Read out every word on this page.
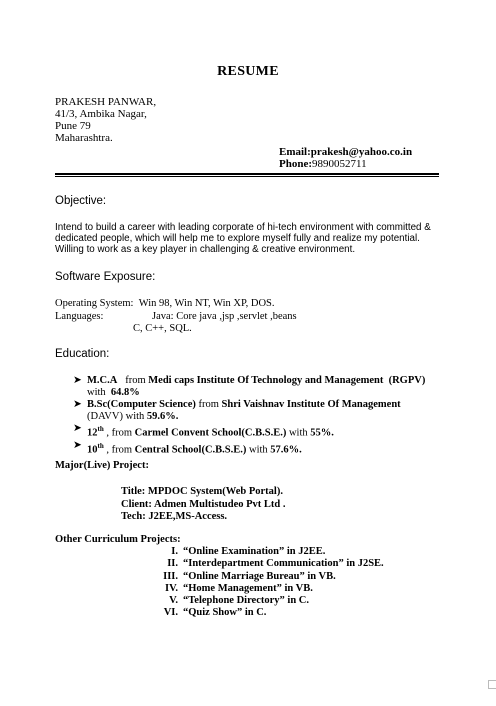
RESUME
PRAKESH PANWAR,
41/3, Ambika Nagar,
Pune 79
Maharashtra.
Email:prakesh@yahoo.co.in
Phone:9890052711
Objective:
Intend to build a career with leading corporate of hi-tech environment with committed & dedicated people, which will help me to explore myself fully and realize my potential. Willing to work as a key player in challenging & creative environment.
Software Exposure:
Operating System: Win 98, Win NT, Win XP, DOS.
Languages:	Java: Core java ,jsp ,servlet ,beans
C, C++, SQL.
Education:
➤ M.C.A   from Medi caps Institute Of Technology and Management  (RGPV)
with  64.8%
➤ B.Sc(Computer Science) from Shri Vaishnav Institute Of Management
(DAVV) with 59.6%.
➤ 12th , from Carmel Convent School(C.B.S.E.) with 55%.
➤ 10th , from Central School(C.B.S.E.) with 57.6%.
Major(Live) Project:
Title: MPDOC System(Web Portal).
Client: Admen Multistudeo Pvt Ltd .
Tech: J2EE,MS-Access.
Other Curriculum Projects:
I. “Online Examination” in J2EE.
II. “Interdepartment Communication” in J2SE.
III. “Online Marriage Bureau” in VB.
IV. “Home Management” in VB.
V. “Telephone Directory” in C.
VI. “Quiz Show” in C.
